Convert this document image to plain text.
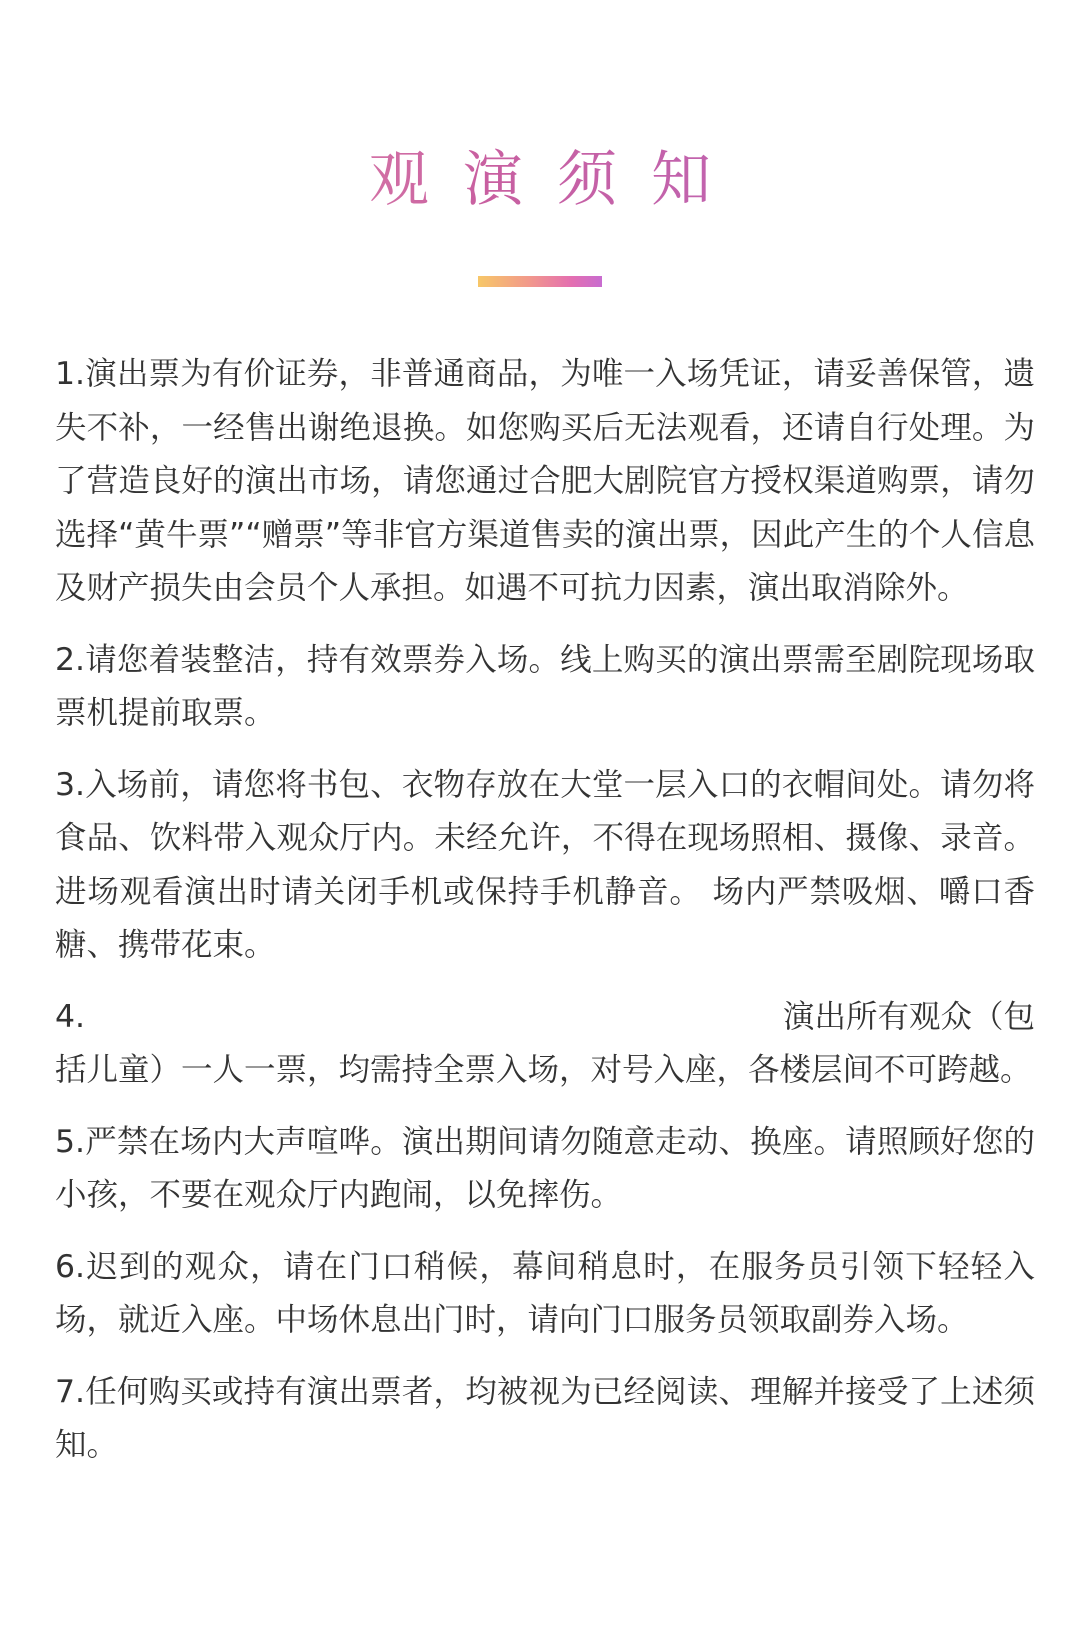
观演须知

1.演出票为有价证券，非普通商品，为唯一入场凭证，请妥善保管，遗失不补，一经售出谢绝退换。如您购买后无法观看，还请自行处理。为了营造良好的演出市场，请您通过合肥大剧院官方授权渠道购票，请勿选择“黄牛票”“赠票”等非官方渠道售卖的演出票，因此产生的个人信息及财产损失由会员个人承担。如遇不可抗力因素，演出取消除外。

2.请您着装整洁，持有效票券入场。线上购买的演出票需至剧院现场取票机提前取票。

3.入场前，请您将书包、衣物存放在大堂一层入口的衣帽间处。请勿将食品、饮料带入观众厅内。未经允许，不得在现场照相、摄像、录音。进场观看演出时请关闭手机或保持手机静音。 场内严禁吸烟、嚼口香糖、携带花束。

4.	演出所有观众（包
括儿童）一人一票，均需持全票入场，对号入座，各楼层间不可跨越。

5.严禁在场内大声喧哗。演出期间请勿随意走动、换座。请照顾好您的小孩，不要在观众厅内跑闹，以免摔伤。

6.迟到的观众，请在门口稍候，幕间稍息时，在服务员引领下轻轻入场，就近入座。中场休息出门时，请向门口服务员领取副券入场。

7.任何购买或持有演出票者，均被视为已经阅读、理解并接受了上述须知。
